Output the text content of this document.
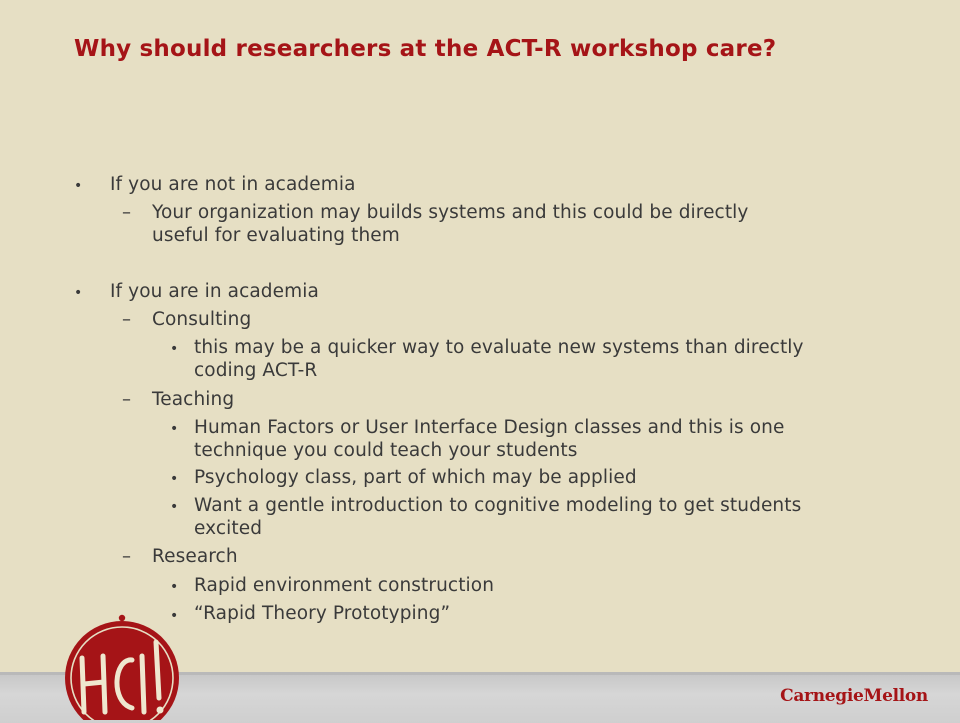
Why should researchers at the ACT-R workshop care?
• If you are not in academia
– Your organization may builds systems and this could be directly
useful for evaluating them
• If you are in academia
– Consulting
• this may be a quicker way to evaluate new systems than directly
coding ACT-R
– Teaching
• Human Factors or User Interface Design classes and this is one
technique you could teach your students
• Psychology class, part of which may be applied
• Want a gentle introduction to cognitive modeling to get students
excited
– Research
• Rapid environment construction
• “Rapid Theory Prototyping”
CarnegieMellon
